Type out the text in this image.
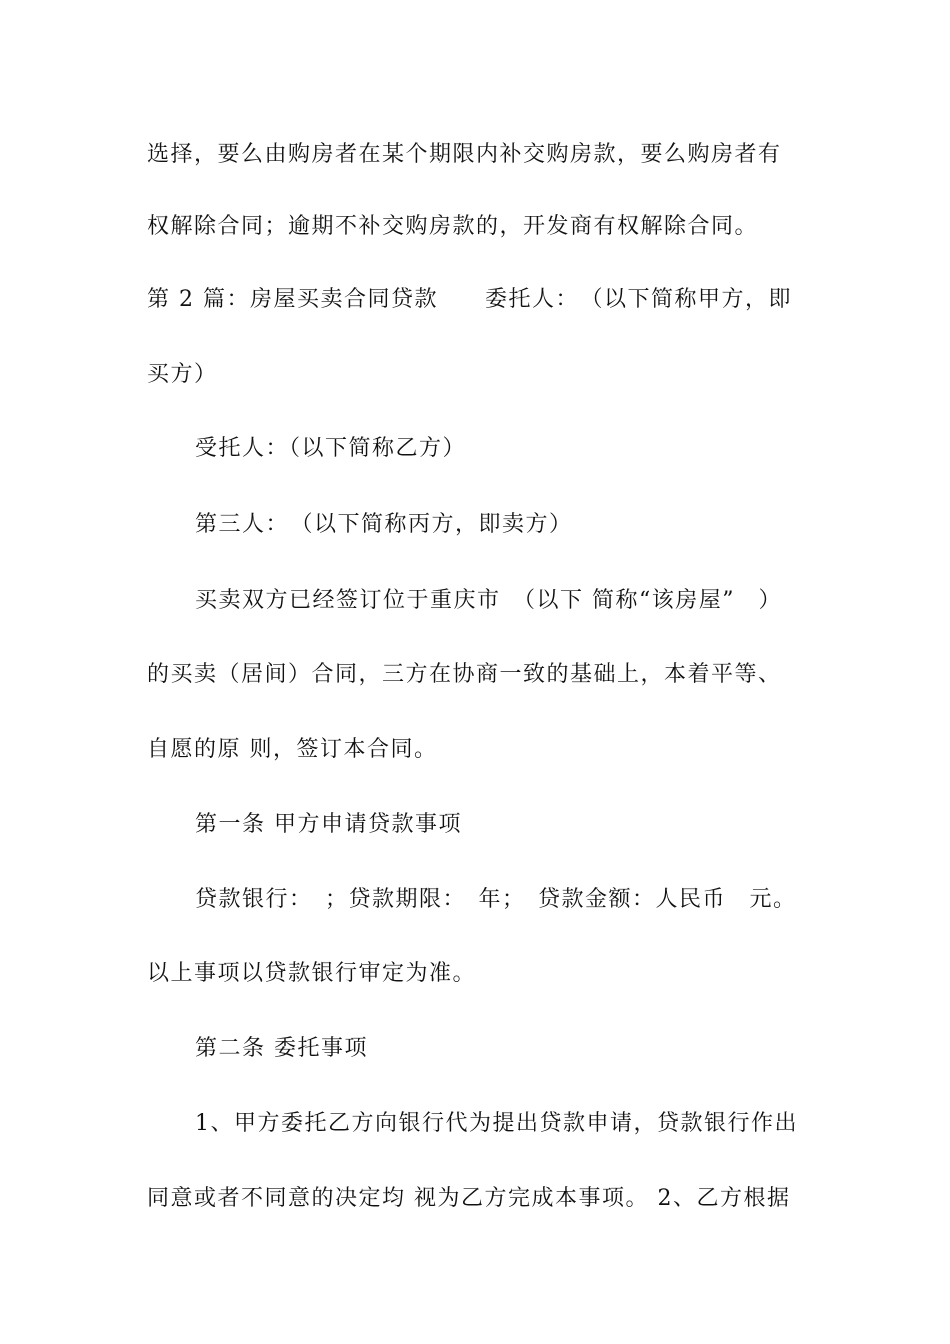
选择，要么由购房者在某个期限内补交购房款，要么购房者有
权解除合同；逾期不补交购房款的，开发商有权解除合同。
第 2 篇：房屋买卖合同贷款　　委托人：　（以下简称甲方，即
买方）
受托人：（以下简称乙方）
第三人：　（以下简称丙方，即卖方）
买卖双方已经签订位于重庆市　（以下 简称“该房屋”　）
的买卖（居间）合同，三方在协商一致的基础上，本着平等、
自愿的原 则，签订本合同。
第一条 甲方申请贷款事项
贷款银行：　；贷款期限：　年；　贷款金额：人民币　元。
以上事项以贷款银行审定为准。
第二条 委托事项
1、甲方委托乙方向银行代为提出贷款申请，贷款银行作出
同意或者不同意的决定均 视为乙方完成本事项。 2、乙方根据
